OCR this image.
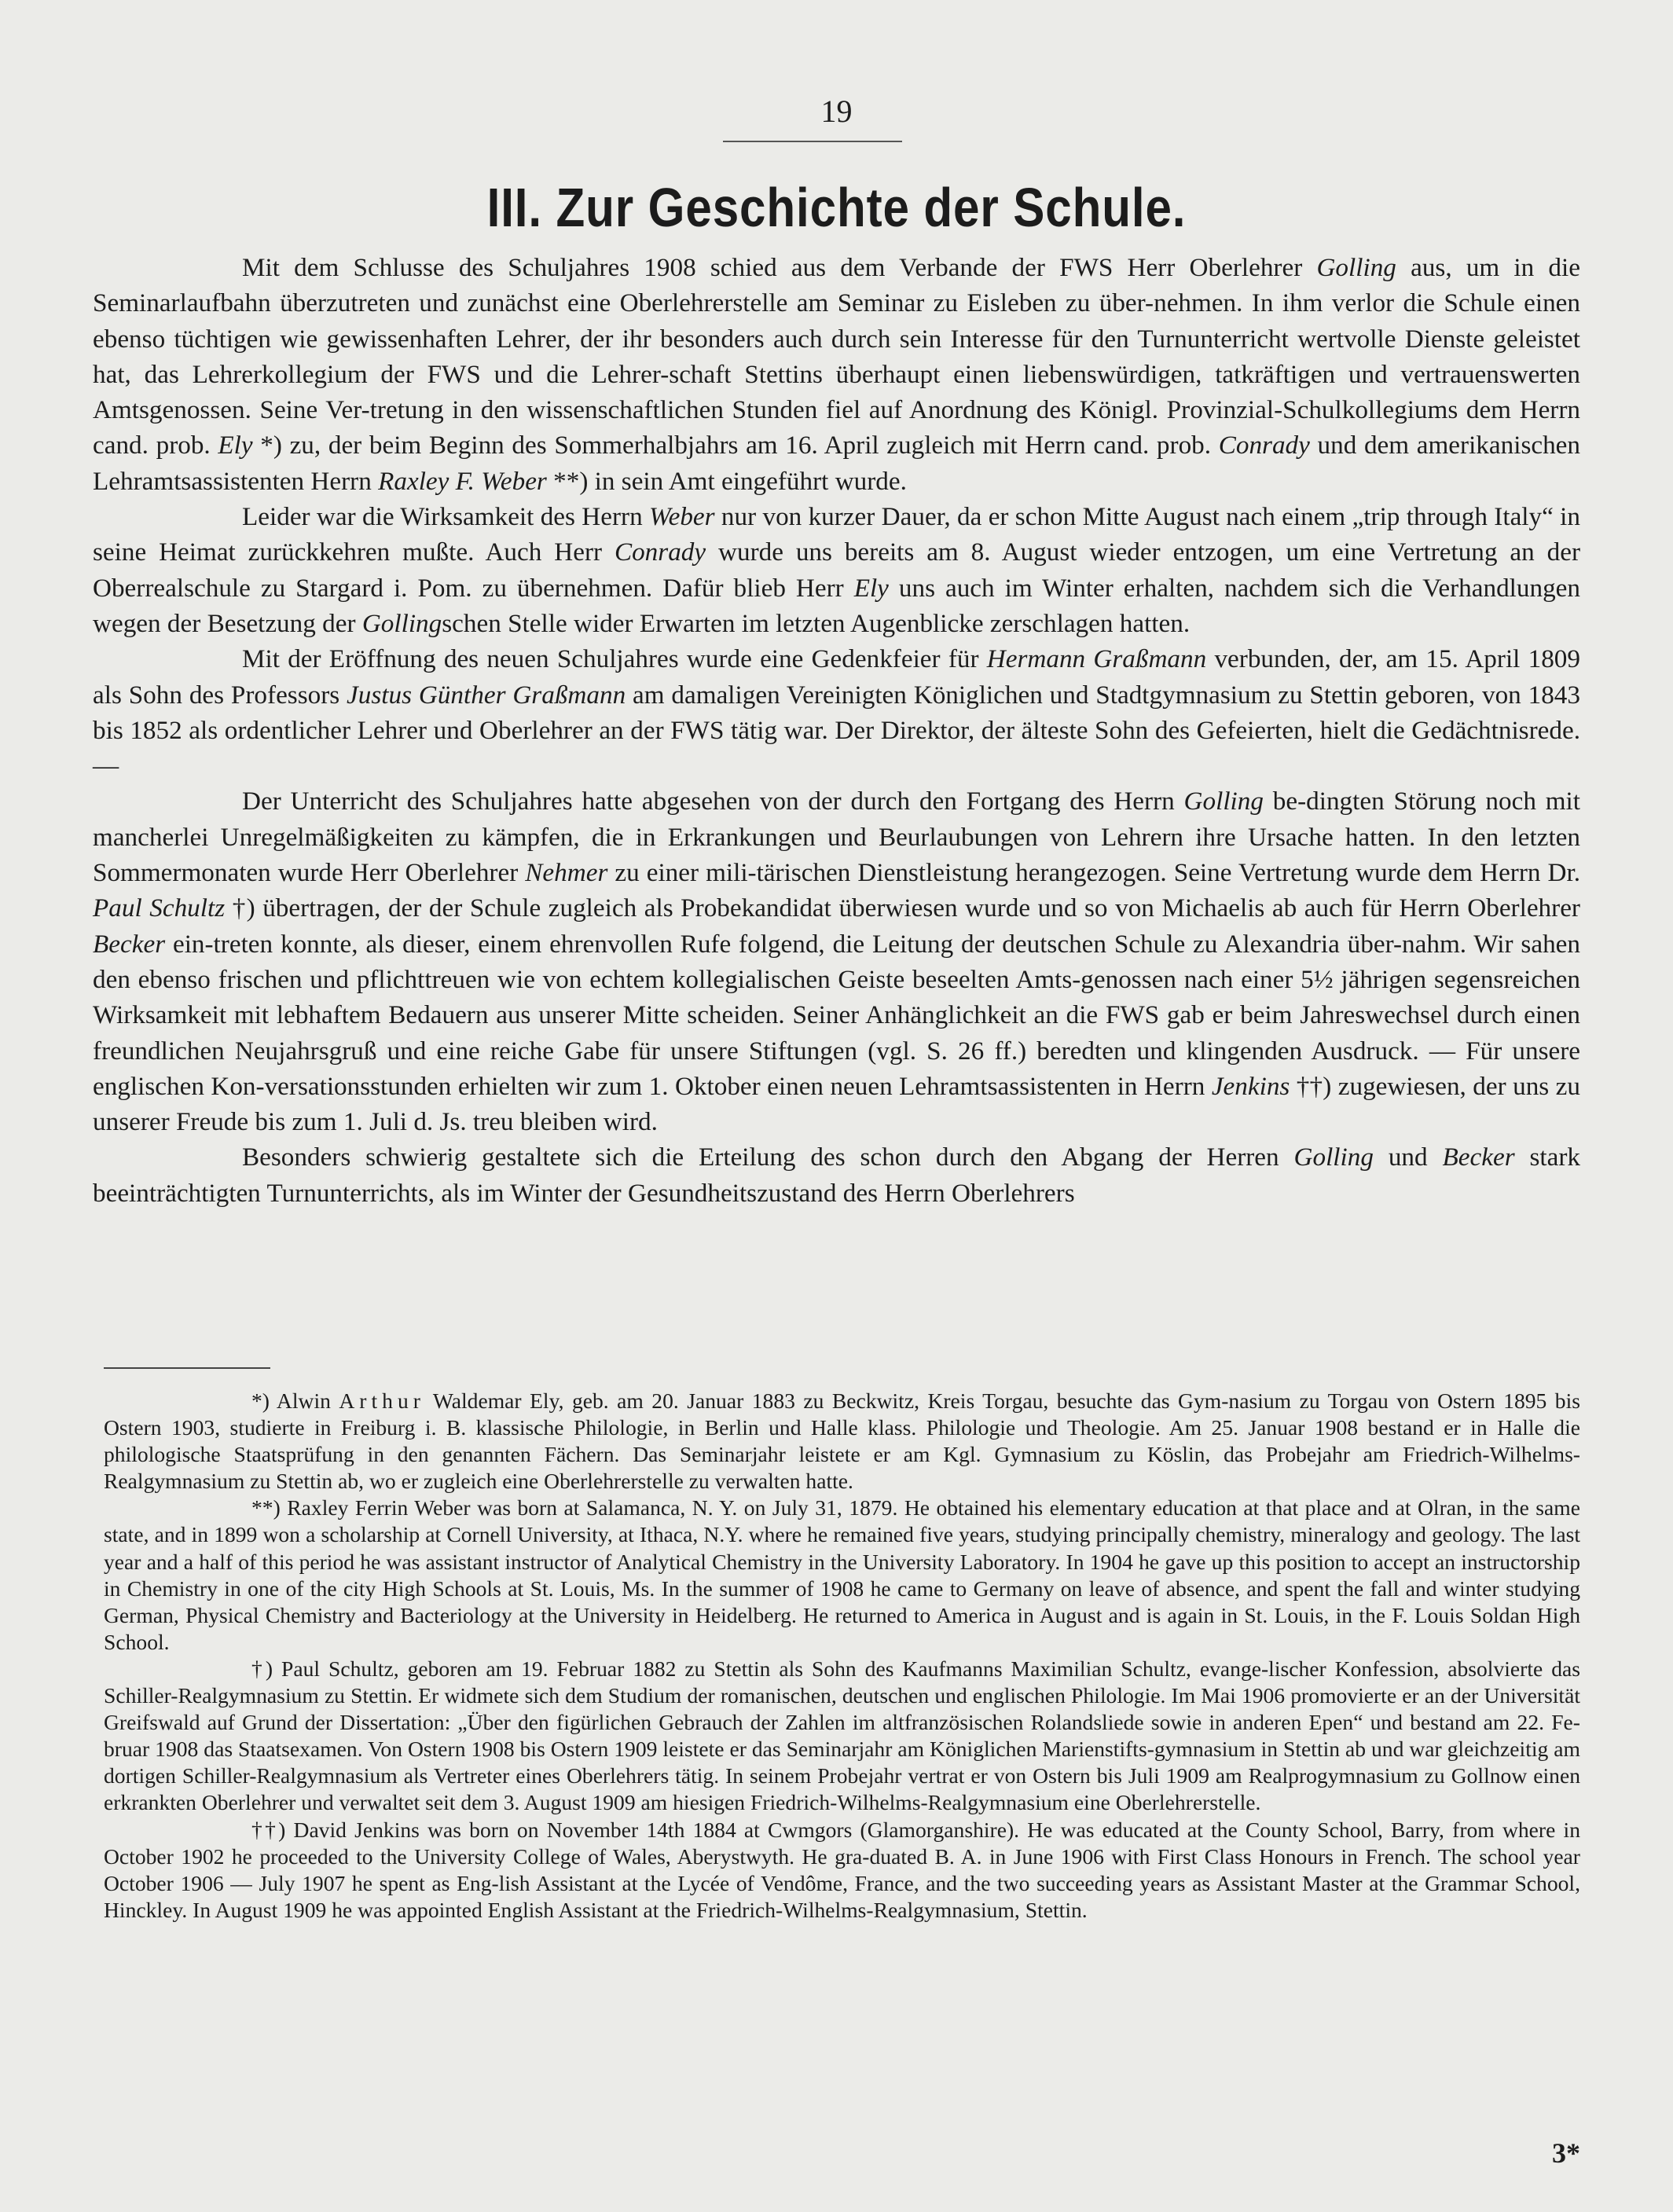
19
III. Zur Geschichte der Schule.

Mit dem Schlusse des Schuljahres 1908 schied aus dem Verbande der FWS Herr Oberlehrer Golling aus, um in die Seminarlaufbahn überzutreten und zunächst eine Oberlehrerstelle am Seminar zu Eisleben zu über-nehmen. In ihm verlor die Schule einen ebenso tüchtigen wie gewissenhaften Lehrer, der ihr besonders auch durch sein Interesse für den Turnunterricht wertvolle Dienste geleistet hat, das Lehrerkollegium der FWS und die Lehrer-schaft Stettins überhaupt einen liebenswürdigen, tatkräftigen und vertrauenswerten Amtsgenossen. Seine Ver-tretung in den wissenschaftlichen Stunden fiel auf Anordnung des Königl. Provinzial-Schulkollegiums dem Herrn cand. prob. Ely *) zu, der beim Beginn des Sommerhalbjahrs am 16. April zugleich mit Herrn cand. prob. Conrady und dem amerikanischen Lehramtsassistenten Herrn Raxley F. Weber **) in sein Amt eingeführt wurde.

Leider war die Wirksamkeit des Herrn Weber nur von kurzer Dauer, da er schon Mitte August nach einem „trip through Italy“ in seine Heimat zurückkehren mußte. Auch Herr Conrady wurde uns bereits am 8. August wieder entzogen, um eine Vertretung an der Oberrealschule zu Stargard i. Pom. zu übernehmen. Dafür blieb Herr Ely uns auch im Winter erhalten, nachdem sich die Verhandlungen wegen der Besetzung der Gollingschen Stelle wider Erwarten im letzten Augenblicke zerschlagen hatten.

Mit der Eröffnung des neuen Schuljahres wurde eine Gedenkfeier für Hermann Graßmann verbunden, der, am 15. April 1809 als Sohn des Professors Justus Günther Graßmann am damaligen Vereinigten Königlichen und Stadtgymnasium zu Stettin geboren, von 1843 bis 1852 als ordentlicher Lehrer und Oberlehrer an der FWS tätig war. Der Direktor, der älteste Sohn des Gefeierten, hielt die Gedächtnisrede. —

Der Unterricht des Schuljahres hatte abgesehen von der durch den Fortgang des Herrn Golling be-dingten Störung noch mit mancherlei Unregelmäßigkeiten zu kämpfen, die in Erkrankungen und Beurlaubungen von Lehrern ihre Ursache hatten. In den letzten Sommermonaten wurde Herr Oberlehrer Nehmer zu einer mili-tärischen Dienstleistung herangezogen. Seine Vertretung wurde dem Herrn Dr. Paul Schultz †) übertragen, der der Schule zugleich als Probekandidat überwiesen wurde und so von Michaelis ab auch für Herrn Oberlehrer Becker ein-treten konnte, als dieser, einem ehrenvollen Rufe folgend, die Leitung der deutschen Schule zu Alexandria über-nahm. Wir sahen den ebenso frischen und pflichttreuen wie von echtem kollegialischen Geiste beseelten Amts-genossen nach einer 5½ jährigen segensreichen Wirksamkeit mit lebhaftem Bedauern aus unserer Mitte scheiden. Seiner Anhänglichkeit an die FWS gab er beim Jahreswechsel durch einen freundlichen Neujahrsgruß und eine reiche Gabe für unsere Stiftungen (vgl. S. 26 ff.) beredten und klingenden Ausdruck. — Für unsere englischen Kon-versationsstunden erhielten wir zum 1. Oktober einen neuen Lehramtsassistenten in Herrn Jenkins ††) zugewiesen, der uns zu unserer Freude bis zum 1. Juli d. Js. treu bleiben wird.

Besonders schwierig gestaltete sich die Erteilung des schon durch den Abgang der Herren Golling und Becker stark beeinträchtigten Turnunterrichts, als im Winter der Gesundheitszustand des Herrn Oberlehrers

*) Alwin Arthur Waldemar Ely, geb. am 20. Januar 1883 zu Beckwitz, Kreis Torgau, besuchte das Gym-nasium zu Torgau von Ostern 1895 bis Ostern 1903, studierte in Freiburg i. B. klassische Philologie, in Berlin und Halle klass. Philologie und Theologie. Am 25. Januar 1908 bestand er in Halle die philologische Staatsprüfung in den genannten Fächern. Das Seminarjahr leistete er am Kgl. Gymnasium zu Köslin, das Probejahr am Friedrich-Wilhelms-Realgymnasium zu Stettin ab, wo er zugleich eine Oberlehrerstelle zu verwalten hatte.

**) Raxley Ferrin Weber was born at Salamanca, N. Y. on July 31, 1879. He obtained his elementary education at that place and at Olran, in the same state, and in 1899 won a scholarship at Cornell University, at Ithaca, N.Y. where he remained five years, studying principally chemistry, mineralogy and geology. The last year and a half of this period he was assistant instructor of Analytical Chemistry in the University Laboratory. In 1904 he gave up this position to accept an instructorship in Chemistry in one of the city High Schools at St. Louis, Ms. In the summer of 1908 he came to Germany on leave of absence, and spent the fall and winter studying German, Physical Chemistry and Bacteriology at the University in Heidelberg. He returned to America in August and is again in St. Louis, in the F. Louis Soldan High School.

†) Paul Schultz, geboren am 19. Februar 1882 zu Stettin als Sohn des Kaufmanns Maximilian Schultz, evange-lischer Konfession, absolvierte das Schiller-Realgymnasium zu Stettin. Er widmete sich dem Studium der romanischen, deutschen und englischen Philologie. Im Mai 1906 promovierte er an der Universität Greifswald auf Grund der Dissertation: „Über den figürlichen Gebrauch der Zahlen im altfranzösischen Rolandsliede sowie in anderen Epen“ und bestand am 22. Fe-bruar 1908 das Staatsexamen. Von Ostern 1908 bis Ostern 1909 leistete er das Seminarjahr am Königlichen Marienstifts-gymnasium in Stettin ab und war gleichzeitig am dortigen Schiller-Realgymnasium als Vertreter eines Oberlehrers tätig. In seinem Probejahr vertrat er von Ostern bis Juli 1909 am Realprogymnasium zu Gollnow einen erkrankten Oberlehrer und verwaltet seit dem 3. August 1909 am hiesigen Friedrich-Wilhelms-Realgymnasium eine Oberlehrerstelle.

††) David Jenkins was born on November 14th 1884 at Cwmgors (Glamorganshire). He was educated at the County School, Barry, from where in October 1902 he proceeded to the University College of Wales, Aberystwyth. He gra-duated B. A. in June 1906 with First Class Honours in French. The school year October 1906 — July 1907 he spent as Eng-lish Assistant at the Lycée of Vendôme, France, and the two succeeding years as Assistant Master at the Grammar School, Hinckley. In August 1909 he was appointed English Assistant at the Friedrich-Wilhelms-Realgymnasium, Stettin.

3*
